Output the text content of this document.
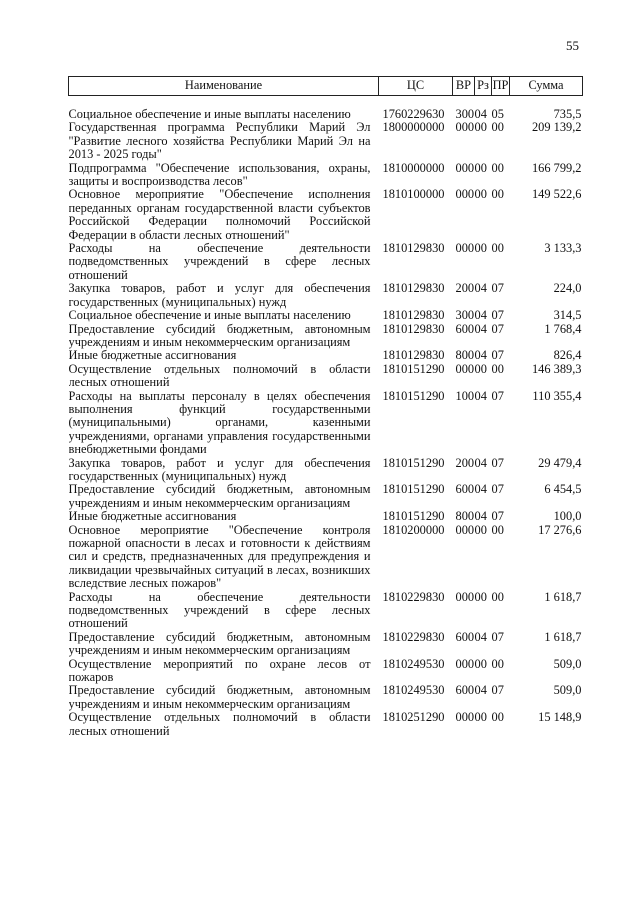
55
Наименование	ЦС	ВР	Рз	ПР	Сумма
Социальное обеспечение и иные выплаты населению	1760229630	300	04	05	735,5
Государственная программа Республики Марий Эл "Развитие лесного хозяйства Республики Марий Эл на 2013 - 2025 годы"	1800000000	000	00	00	209 139,2
Подпрограмма "Обеспечение использования, охраны, защиты и воспроизводства лесов"	1810000000	000	00	00	166 799,2
Основное мероприятие "Обеспечение исполнения переданных органам государственной власти субъектов Российской Федерации полномочий Российской Федерации в области лесных отношений"	1810100000	000	00	00	149 522,6
Расходы на обеспечение деятельности подведомственных учреждений в сфере лесных отношений	1810129830	000	00	00	3 133,3
Закупка товаров, работ и услуг для обеспечения государственных (муниципальных) нужд	1810129830	200	04	07	224,0
Социальное обеспечение и иные выплаты населению	1810129830	300	04	07	314,5
Предоставление субсидий бюджетным, автономным учреждениям и иным некоммерческим организациям	1810129830	600	04	07	1 768,4
Иные бюджетные ассигнования	1810129830	800	04	07	826,4
Осуществление отдельных полномочий в области лесных отношений	1810151290	000	00	00	146 389,3
Расходы на выплаты персоналу в целях обеспечения выполнения функций государственными (муниципальными) органами, казенными учреждениями, органами управления государственными внебюджетными фондами	1810151290	100	04	07	110 355,4
Закупка товаров, работ и услуг для обеспечения государственных (муниципальных) нужд	1810151290	200	04	07	29 479,4
Предоставление субсидий бюджетным, автономным учреждениям и иным некоммерческим организациям	1810151290	600	04	07	6 454,5
Иные бюджетные ассигнования	1810151290	800	04	07	100,0
Основное мероприятие "Обеспечение контроля пожарной опасности в лесах и готовности к действиям сил и средств, предназначенных для предупреждения и ликвидации чрезвычайных ситуаций в лесах, возникших вследствие лесных пожаров"	1810200000	000	00	00	17 276,6
Расходы на обеспечение деятельности подведомственных учреждений в сфере лесных отношений	1810229830	000	00	00	1 618,7
Предоставление субсидий бюджетным, автономным учреждениям и иным некоммерческим организациям	1810229830	600	04	07	1 618,7
Осуществление мероприятий по охране лесов от пожаров	1810249530	000	00	00	509,0
Предоставление субсидий бюджетным, автономным учреждениям и иным некоммерческим организациям	1810249530	600	04	07	509,0
Осуществление отдельных полномочий в области лесных отношений	1810251290	000	00	00	15 148,9
